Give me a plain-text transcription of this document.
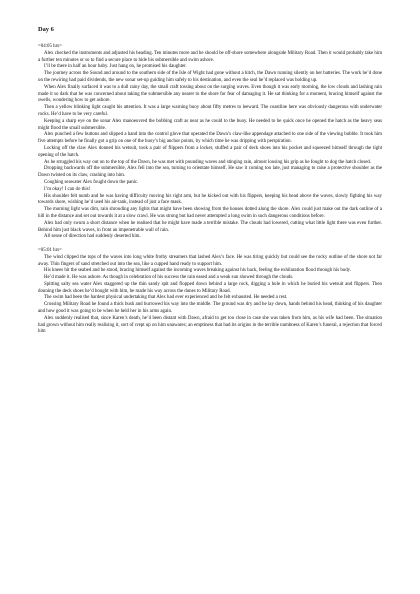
Day 6
=04:05 hrs=

Alex checked the instruments and adjusted his heading. Ten minutes more and he should be off-shore somewhere alongside Military Road. Then it would probably take him a further ten minutes or so to find a secure place to hide his submersible and swim ashore.

I’ll be there in half an hour baby. Just hang on, he promised his daughter.

The journey across the Sound and around to the southern side of the Isle of Wight had gone without a hitch, the Dawn running silently on her batteries. The work he’d done on the rewiring had paid dividends, the new sonar set-up guiding him safely to his destination, and even the seal he’d replaced was holding up.

When Alex finally surfaced it was to a dull rainy day, the small craft tossing about on the surging waves. Even though it was early morning, the low clouds and lashing rain made it so dark that he was concerned about taking the submersible any nearer to the shore for fear of damaging it. He sat thinking for a moment, bracing himself against the swells, wondering how to get ashore.

Then a yellow blinking light caught his attention. It was a large warning buoy about fifty metres to leeward. The coastline here was obviously dangerous with underwater rocks. He’d have to be very careful.

Keeping a sharp eye on the sonar Alex manoeuvred the bobbing craft as near as he could to the buoy. He needed to be quick once he opened the hatch as the heavy seas might flood the small submersible.

Alex punched a few buttons and slipped a hand into the control glove that operated the Dawn’s claw-like appendage attached to one side of the viewing bubble. It took him five attempts before he finally got a grip on one of the buoy’s big anchor points, by which time he was dripping with perspiration.

Locking off the claw Alex donned his wetsuit, took a pair of flippers from a locker, stuffed a pair of deck shoes into his pocket and squeezed himself through the tight opening of the hatch.

As he struggled his way out on to the top of the Dawn, he was met with pounding waves and stinging rain, almost loosing his grip as he fought to dog the hatch closed.

Dropping backwards off the submersible, Alex fell into the sea, turning to orientate himself. He saw it coming too late, just managing to raise a protective shoulder as the Dawn twisted on its claw, crashing into him.

Coughing seawater Alex fought down the panic.

I’m okay! I can do this!

His shoulder felt numb and he was having difficulty moving his right arm, but he kicked out with his flippers, keeping his head above the waves, slowly fighting his way towards shore, wishing he’d used his air-tank, instead of just a face mask.

The morning light was dim, rain shrouding any lights that might have been showing from the houses dotted along the shore. Alex could just make out the dark outline of a hill in the distance and set out towards it at a slow crawl. He was strong but had never attempted a long swim in such dangerous conditions before.

Alex had only swum a short distance when he realised that he might have made a terrible mistake. The clouds had lowered, cutting what little light there was even further. Behind him just black waves, in front an impenetrable wall of rain.

All sense of direction had suddenly deserted him.

=05:01 hrs=

The wind clipped the tops of the waves into long white frothy streamers that lashed Alex’s face. He was tiring quickly but could see the rocky outline of the shore not far away. Thin fingers of sand stretched out into the sea, like a cupped hand ready to support him.

His knees hit the seabed and he stood, bracing himself against the incoming waves breaking against his back, feeling the exhilaration flood through his body.

He’d made it. He was ashore. As though in celebration of his success the rain eased and a weak sun showed through the clouds.

Spitting salty sea water Alex staggered up the thin sandy spit and flopped down behind a large rock, digging a hole in which he buried his wetsuit and flippers. Then donning the deck shoes he’d bought with him, he made his way across the dunes to Military Road.

The swim had been the hardest physical undertaking that Alex had ever experienced and he felt exhausted. He needed a rest.

Crossing Military Road he found a thick bush and burrowed his way into the middle. The ground was dry and he lay down, hands behind his head, thinking of his daughter and how good it was going to be when he held her in his arms again.

Alex suddenly realised that, since Karen’s death, he’d been distant with Dawn, afraid to get too close in case she was taken from him, as his wife had been. The situation had grown without him really realising it, sort of crept up on him unawares; an emptiness that had its origins in the terrible numbness of Karen’s funeral, a rejection that forced him
